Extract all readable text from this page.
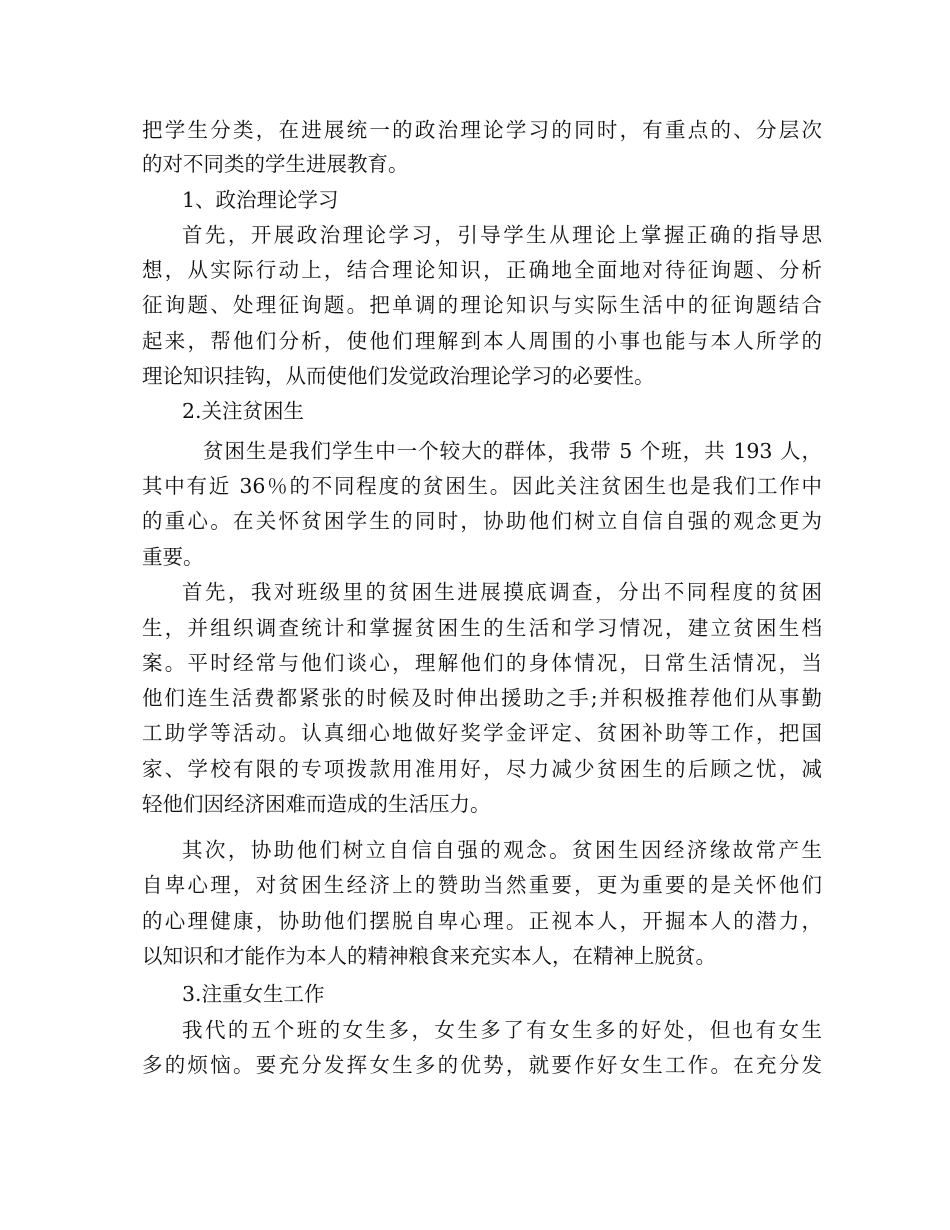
把学生分类，在进展统一的政治理论学习的同时，有重点的、分层次
的对不同类的学生进展教育。
1、政治理论学习
首先，开展政治理论学习，引导学生从理论上掌握正确的指导思
想，从实际行动上，结合理论知识，正确地全面地对待征询题、分析
征询题、处理征询题。把单调的理论知识与实际生活中的征询题结合
起来，帮他们分析，使他们理解到本人周围的小事也能与本人所学的
理论知识挂钩，从而使他们发觉政治理论学习的必要性。
2.关注贫困生
贫困生是我们学生中一个较大的群体，我带 5 个班，共 193 人，
其中有近 36％的不同程度的贫困生。因此关注贫困生也是我们工作中
的重心。在关怀贫困学生的同时，协助他们树立自信自强的观念更为
重要。
首先，我对班级里的贫困生进展摸底调查，分出不同程度的贫困
生，并组织调查统计和掌握贫困生的生活和学习情况，建立贫困生档
案。平时经常与他们谈心，理解他们的身体情况，日常生活情况，当
他们连生活费都紧张的时候及时伸出援助之手;并积极推荐他们从事勤
工助学等活动。认真细心地做好奖学金评定、贫困补助等工作，把国
家、学校有限的专项拨款用准用好，尽力减少贫困生的后顾之忧，减
轻他们因经济困难而造成的生活压力。
其次，协助他们树立自信自强的观念。贫困生因经济缘故常产生
自卑心理，对贫困生经济上的赞助当然重要，更为重要的是关怀他们
的心理健康，协助他们摆脱自卑心理。正视本人，开掘本人的潜力，
以知识和才能作为本人的精神粮食来充实本人，在精神上脱贫。
3.注重女生工作
我代的五个班的女生多，女生多了有女生多的好处，但也有女生
多的烦恼。要充分发挥女生多的优势，就要作好女生工作。在充分发
